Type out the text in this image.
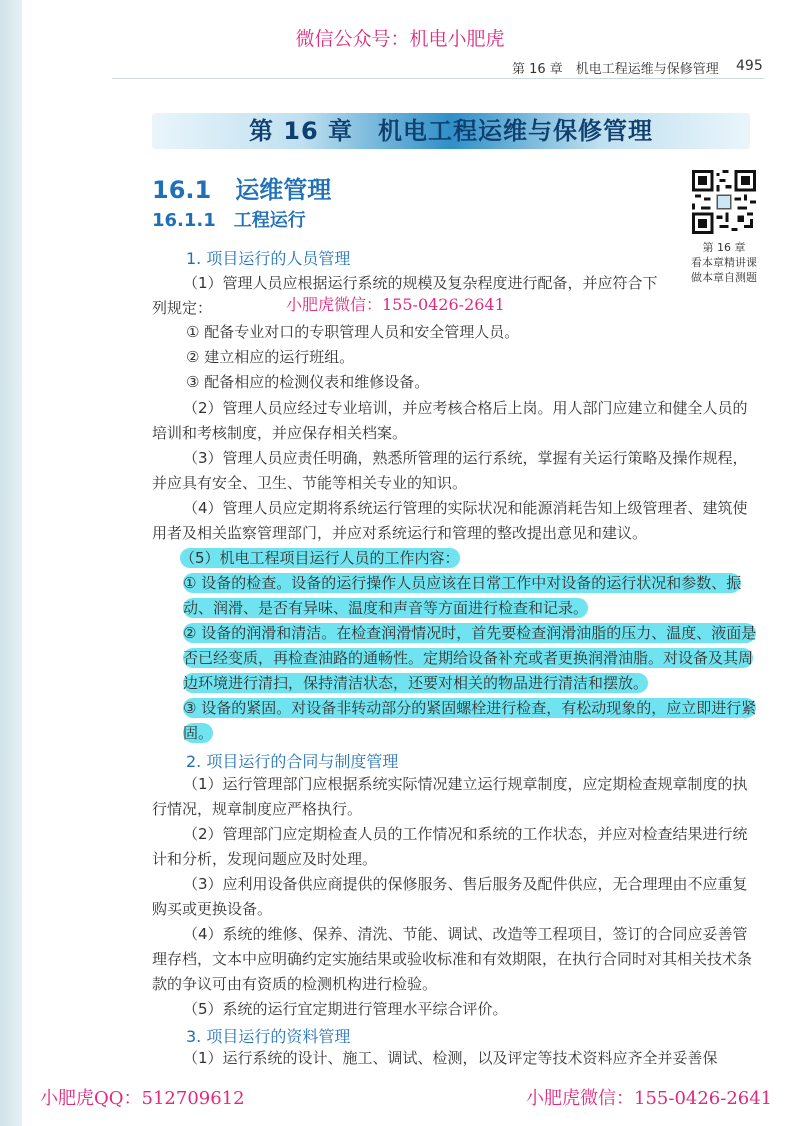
微信公众号：机电小肥虎
第 16 章　机电工程运维与保修管理 495
第 16 章　机电工程运维与保修管理
16.1　运维管理
16.1.1　工程运行
第 16 章
看本章精讲课
做本章自测题
1. 项目运行的人员管理
（1）管理人员应根据运行系统的规模及复杂程度进行配备，并应符合下
列规定：	小肥虎微信：155-0426-2641
① 配备专业对口的专职管理人员和安全管理人员。
② 建立相应的运行班组。
③ 配备相应的检测仪表和维修设备。
（2）管理人员应经过专业培训，并应考核合格后上岗。用人部门应建立和健全人员的培训和考核制度，并应保存相关档案。
（3）管理人员应责任明确，熟悉所管理的运行系统，掌握有关运行策略及操作规程，并应具有安全、卫生、节能等相关专业的知识。
（4）管理人员应定期将系统运行管理的实际状况和能源消耗告知上级管理者、建筑使用者及相关监察管理部门，并应对系统运行和管理的整改提出意见和建议。
（5）机电工程项目运行人员的工作内容：
① 设备的检查。设备的运行操作人员应该在日常工作中对设备的运行状况和参数、振动、润滑、是否有异味、温度和声音等方面进行检查和记录。
② 设备的润滑和清洁。在检查润滑情况时，首先要检查润滑油脂的压力、温度、液面是否已经变质，再检查油路的通畅性。定期给设备补充或者更换润滑油脂。对设备及其周边环境进行清扫，保持清洁状态，还要对相关的物品进行清洁和摆放。
③ 设备的紧固。对设备非转动部分的紧固螺栓进行检查，有松动现象的，应立即进行紧固。
2. 项目运行的合同与制度管理
（1）运行管理部门应根据系统实际情况建立运行规章制度，应定期检查规章制度的执行情况，规章制度应严格执行。
（2）管理部门应定期检查人员的工作情况和系统的工作状态，并应对检查结果进行统计和分析，发现问题应及时处理。
（3）应利用设备供应商提供的保修服务、售后服务及配件供应，无合理理由不应重复购买或更换设备。
（4）系统的维修、保养、清洗、节能、调试、改造等工程项目，签订的合同应妥善管理存档，文本中应明确约定实施结果或验收标准和有效期限，在执行合同时对其相关技术条款的争议可由有资质的检测机构进行检验。
（5）系统的运行宜定期进行管理水平综合评价。
3. 项目运行的资料管理
（1）运行系统的设计、施工、调试、检测，以及评定等技术资料应齐全并妥善保
小肥虎QQ：512709612	小肥虎微信：155-0426-2641
